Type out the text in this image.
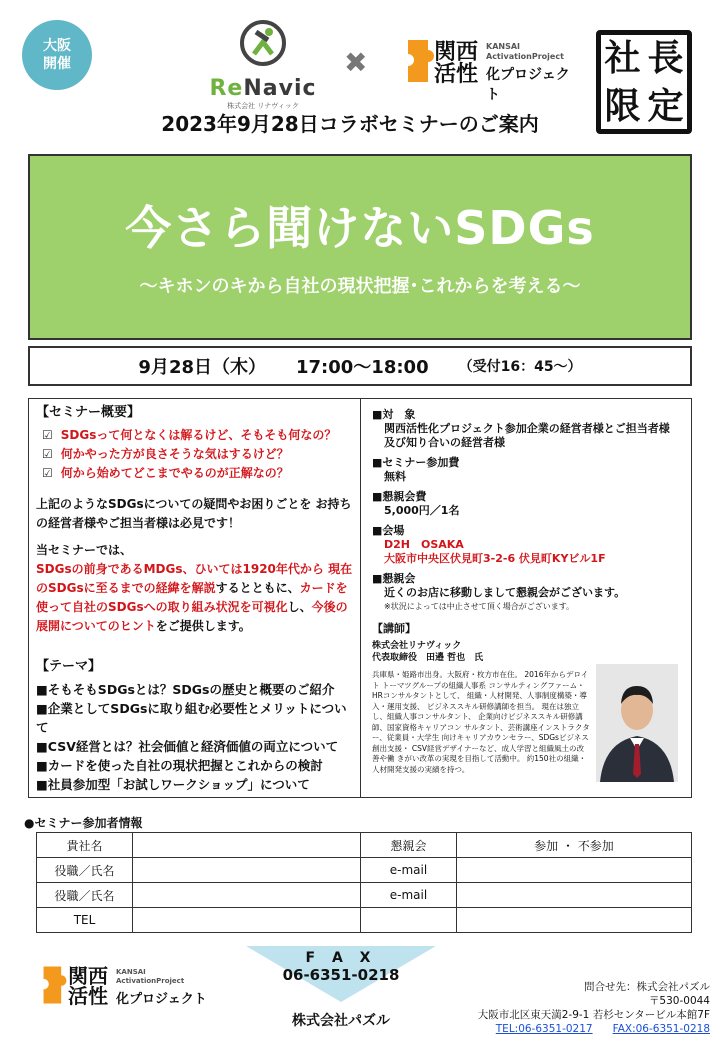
大阪
開催
ReNavic
株式会社 リナヴィック
✖	関西
活性
KANSAI
ActivationProject
化プロジェクト
社 長
限 定
2023年9月28日コラボセミナーのご案内
今さら聞けないSDGs
～キホンのキから自社の現状把握･これからを考える～
9月28日（木） 17:00～18:00 （受付16：45～）
【セミナー概要】
☑ SDGsって何となくは解るけど、そもそも何なの？
☑ 何かやった方が良さそうな気はするけど？
☑ 何から始めてどこまでやるのが正解なの？
上記のようなSDGsについての疑問やお困りごとを お持ちの経営者様やご担当者様は必見です！
当セミナーでは、
SDGsの前身であるMDGs、ひいては1920年代から 現在のSDGsに至るまでの経緯を解説するとともに、カードを使って自社のSDGsへの取り組み状況を可視化し、今後の展開についてのヒントをご提供します。
【テーマ】
■そもそもSDGsとは？SDGsの歴史と概要のご紹介
■企業としてSDGsに取り組む必要性とメリットについて
■CSV経営とは？社会価値と経済価値の両立について
■カードを使った自社の現状把握とこれからの検討
■社員参加型「お試しワークショップ」について
■対　象
関西活性化プロジェクト参加企業の経営者様とご担当者様 及び知り合いの経営者様
■セミナー参加費
無料
■懇親会費
5,000円／1名
■会場
D2H　OSAKA
大阪市中央区伏見町3-2-6 伏見町KYビル1F
■懇親会
近くのお店に移動しまして懇親会がございます。
※状況によっては中止させて頂く場合がございます。
【講師】
株式会社リナヴィック
代表取締役　田邉 哲也　氏
兵庫県・姫路市出身。大阪府・枚方市在住。 2016年からデロイト トーマツグループの組織人事系 コンサルティングファーム・HRコンサルタントとして、 組織・人材開発、人事制度構築・導入・運用支援、 ビジネススキル研修講師を担当。 現在は独立し、組織人事コンサルタント、 企業向けビジネススキル研修講師、国家資格キャリアコン サルタント、芸術講座インストラクター、従業員・大学生 向けキャリアカウンセラー、SDGsビジネス創出支援・ CSV経営デザイナーなど、成人学習と組織風土の改善や働 きがい改革の実現を目指して活動中。 約150社の組織・人材開発支援の実績を持つ。
●セミナー参加者情報
貴社名		懇親会	参加 ・ 不参加
役職／氏名		e-mail	
役職／氏名		e-mail	
TEL			
F A X
06-6351-0218
株式会社パズル
関西
活性
KANSAI
ActivationProject
化プロジェクト
問合せ先：株式会社パズル
〒530-0044
大阪市北区東天満2-9-1 若杉センタービル本館7F
TEL:06-6351-0217 FAX:06-6351-0218
